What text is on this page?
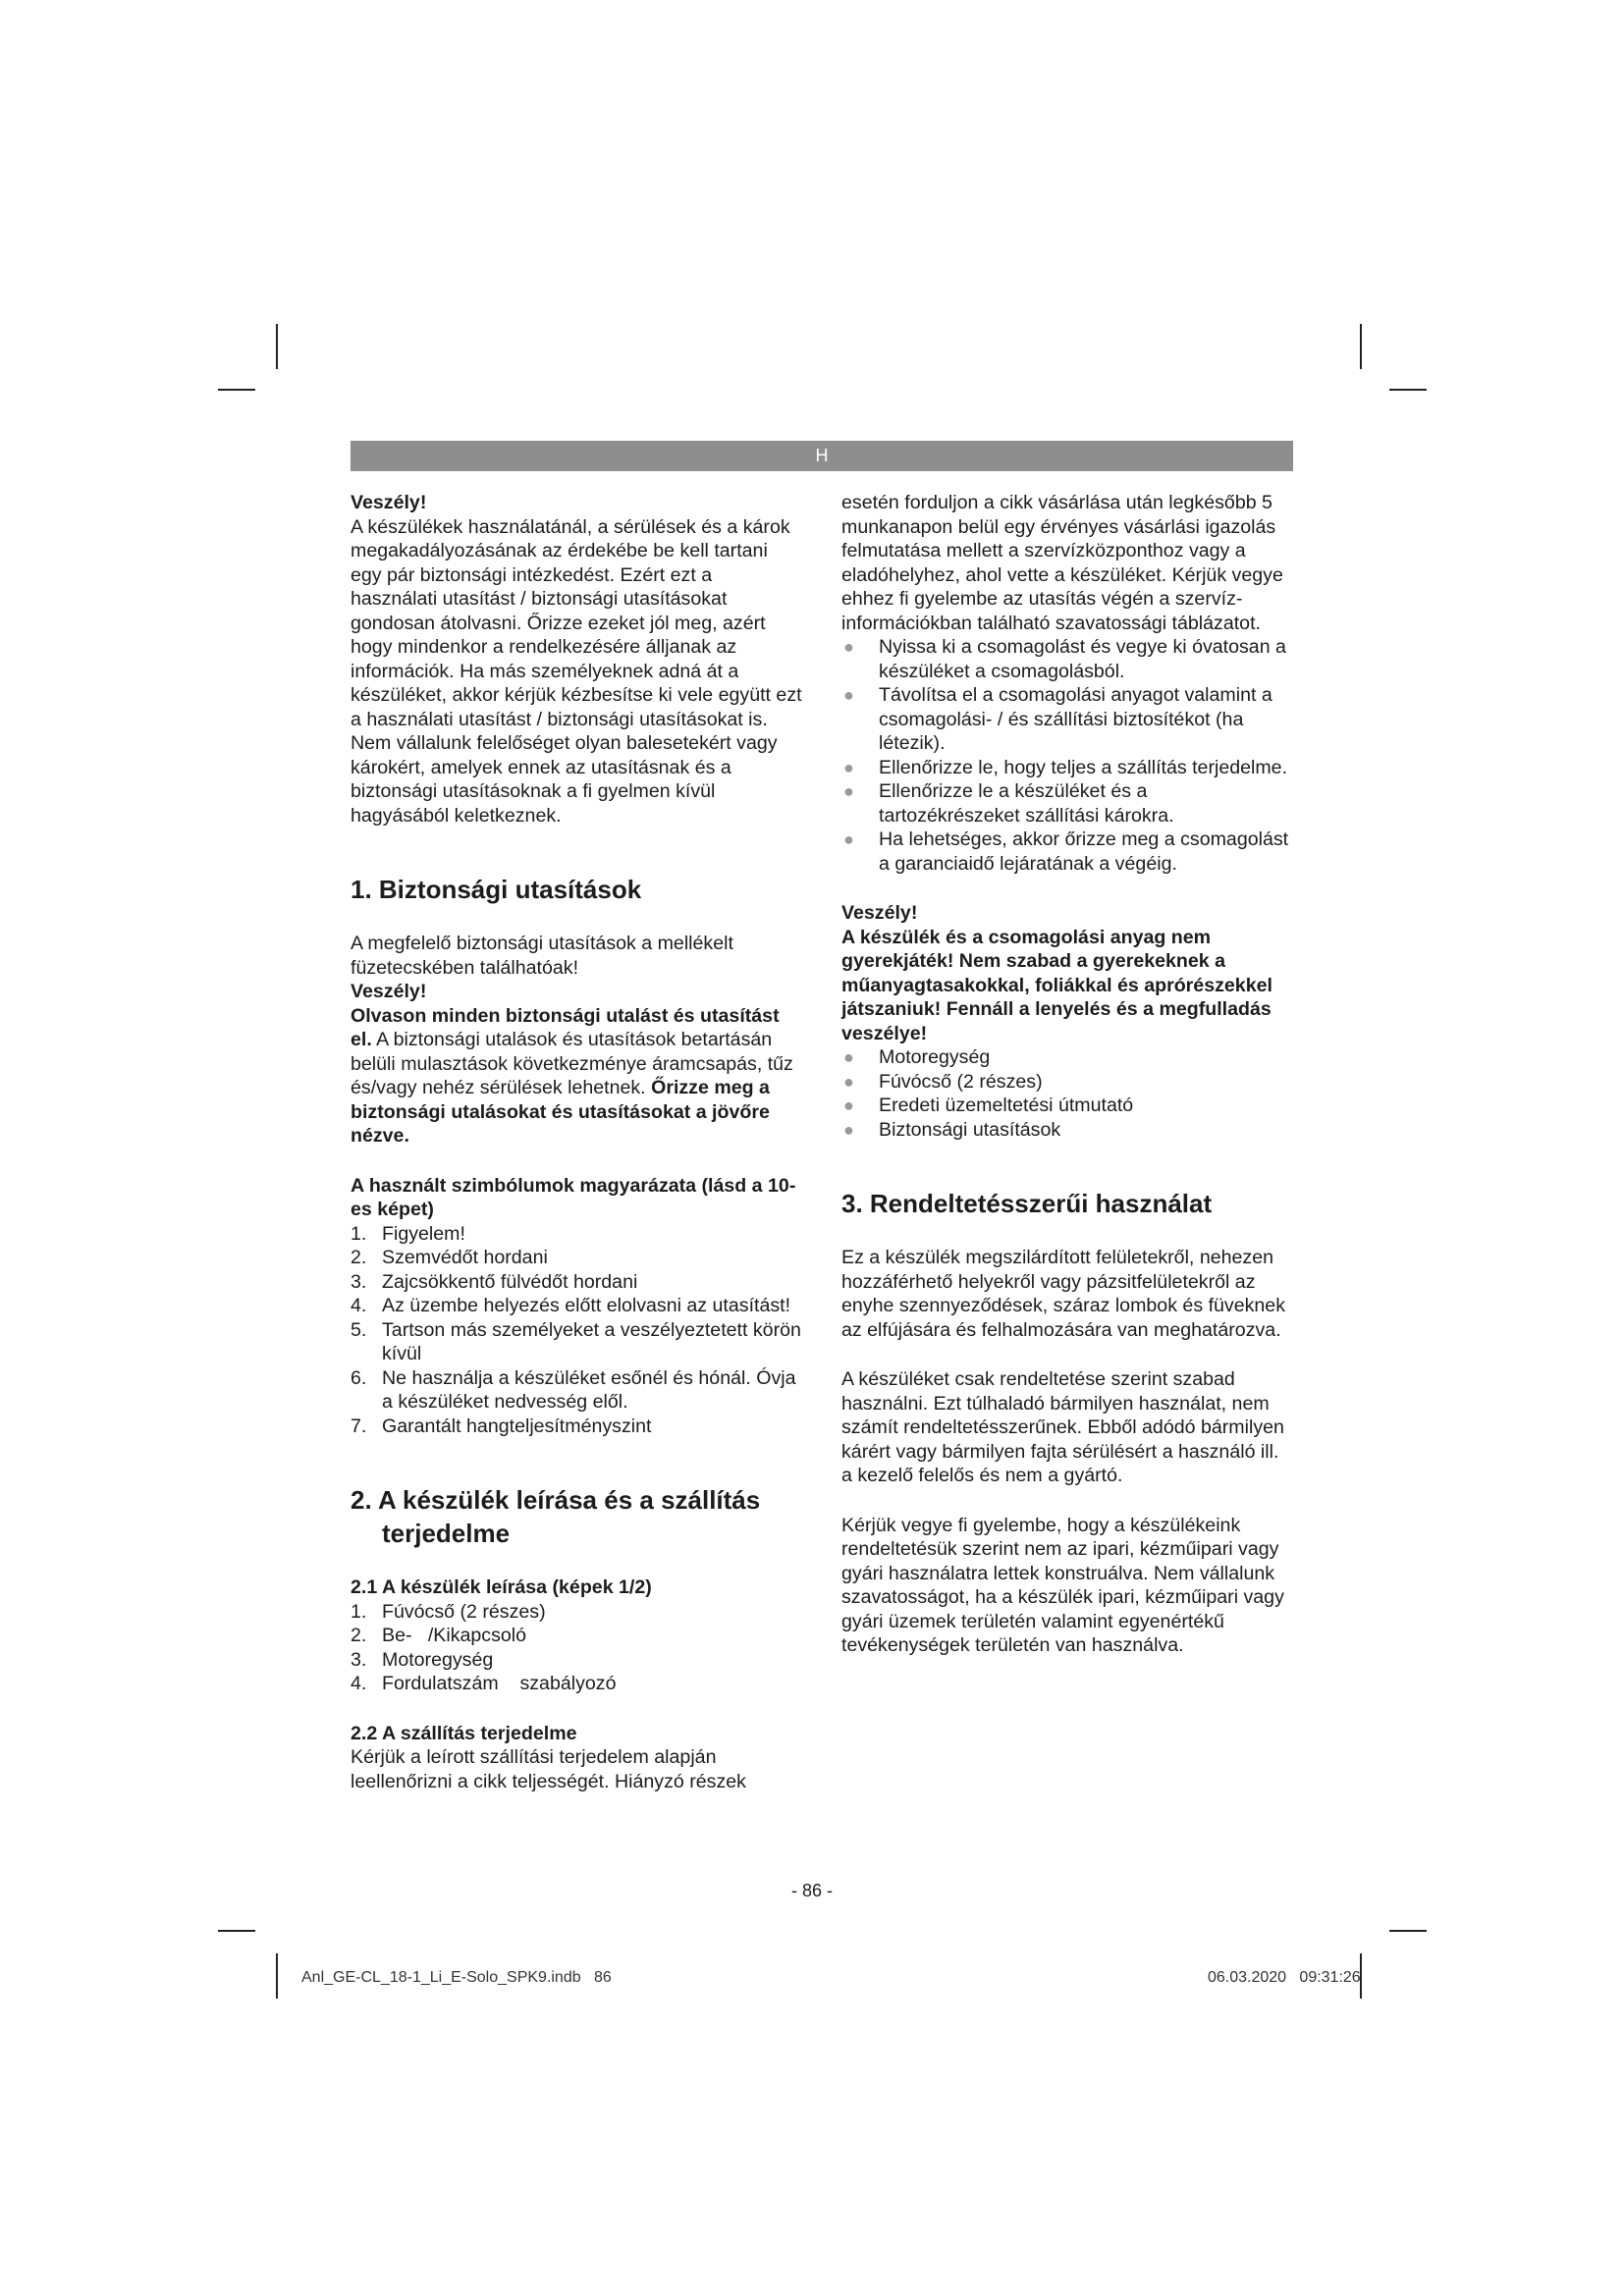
H

Veszély!

A készülékek használatánál, a sérülések és a károk megakadályozásának az érdekébe be kell tartani egy pár biztonsági intézkedést. Ezért ezt a használati utasítást / biztonsági utasításokat gondosan átolvasni. Őrizze ezeket jól meg, azért hogy mindenkor a rendelkezésére álljanak az információk. Ha más személyeknek adná át a készüléket, akkor kérjük kézbesítse ki vele együtt ezt a használati utasítást / biztonsági utasításokat is. Nem vállalunk felelőséget olyan balesetekért vagy károkért, amelyek ennek az utasításnak és a biztonsági utasításoknak a fi gyelmen kívül hagyásából keletkeznek.

1. Biztonsági utasítások

A megfelelő biztonsági utasítások a mellékelt füzetecskében találhatóak!

Veszély!

Olvason minden biztonsági utalást és utasítást el. A biztonsági utalások és utasítások betartásán belüli mulasztások következménye áramcsapás, tűz és/vagy nehéz sérülések lehetnek. Őrizze meg a biztonsági utalásokat és utasításokat a jövőre nézve.

A használt szimbólumok magyarázata (lásd a 10-es képet)

1. Figyelem!
2. Szemvédőt hordani
3. Zajcsökkentő fülvédőt hordani
4. Az üzembe helyezés előtt elolvasni az utasítást!
5. Tartson más személyeket a veszélyeztetett körön kívül
6. Ne használja a készüléket esőnél és hónál. Óvja a készüléket nedvesség elől.
7. Garantált hangteljesítményszint
2. A készülék leírása és a szállítás terjedelme

2.1 A készülék leírása (képek 1/2)

1. Fúvócső (2 részes)
2. Be-   /Kikapcsoló
3. Motoregység
4. Fordulatszám    szabályozó

2.2 A szállítás terjedelme

Kérjük a leírott szállítási terjedelem alapján leellenőrizni a cikk teljességét. Hiányzó részek

esetén forduljon a cikk vásárlása után legkésőbb 5 munkanapon belül egy érvényes vásárlási igazolás felmutatása mellett a szervízközponthoz vagy a eladóhelyhez, ahol vette a készüléket. Kérjük vegye ehhez fi gyelembe az utasítás végén a szervíz-információkban található szavatossági táblázatot.

● Nyissa ki a csomagolást és vegye ki óvatosan a készüléket a csomagolásból.
● Távolítsa el a csomagolási anyagot valamint a csomagolási- / és szállítási biztosítékot (ha létezik).
● Ellenőrizze le, hogy teljes a szállítás terjedelme.
● Ellenőrizze le a készüléket és a tartozékrészeket szállítási károkra.
● Ha lehetséges, akkor őrizze meg a csomagolást a garanciaidő lejáratának a végéig.

Veszély!

A készülék és a csomagolási anyag nem gyerekjáték! Nem szabad a gyerekeknek a műanyagtasakokkal, foliákkal és aprórészekkel játszaniuk! Fennáll a lenyelés és a megfulladás veszélye!

● Motoregység
● Fúvócső (2 részes)
● Eredeti üzemeltetési útmutató
● Biztonsági utasítások
3. Rendeltetésszerűi használat

Ez a készülék megszilárdított felületekről, nehezen hozzáférhető helyekről vagy pázsitfelületekről az enyhe szennyeződések, száraz lombok és füveknek az elfújására és felhalmozására van meghatározva.

A készüléket csak rendeltetése szerint szabad használni. Ezt túlhaladó bármilyen használat, nem számít rendeltetésszerűnek. Ebből adódó bármilyen kárért vagy bármilyen fajta sérülésért a használó ill. a kezelő felelős és nem a gyártó.

Kérjük vegye fi gyelembe, hogy a készülékeink rendeltetésük szerint nem az ipari, kézműipari vagy gyári használatra lettek konstruálva. Nem vállalunk szavatosságot, ha a készülék ipari, kézműipari vagy gyári üzemek területén valamint egyenértékű tevékenységek területén van használva.

- 86 -
Anl_GE-CL_18-1_Li_E-Solo_SPK9.indb   86	06.03.2020   09:31:26
